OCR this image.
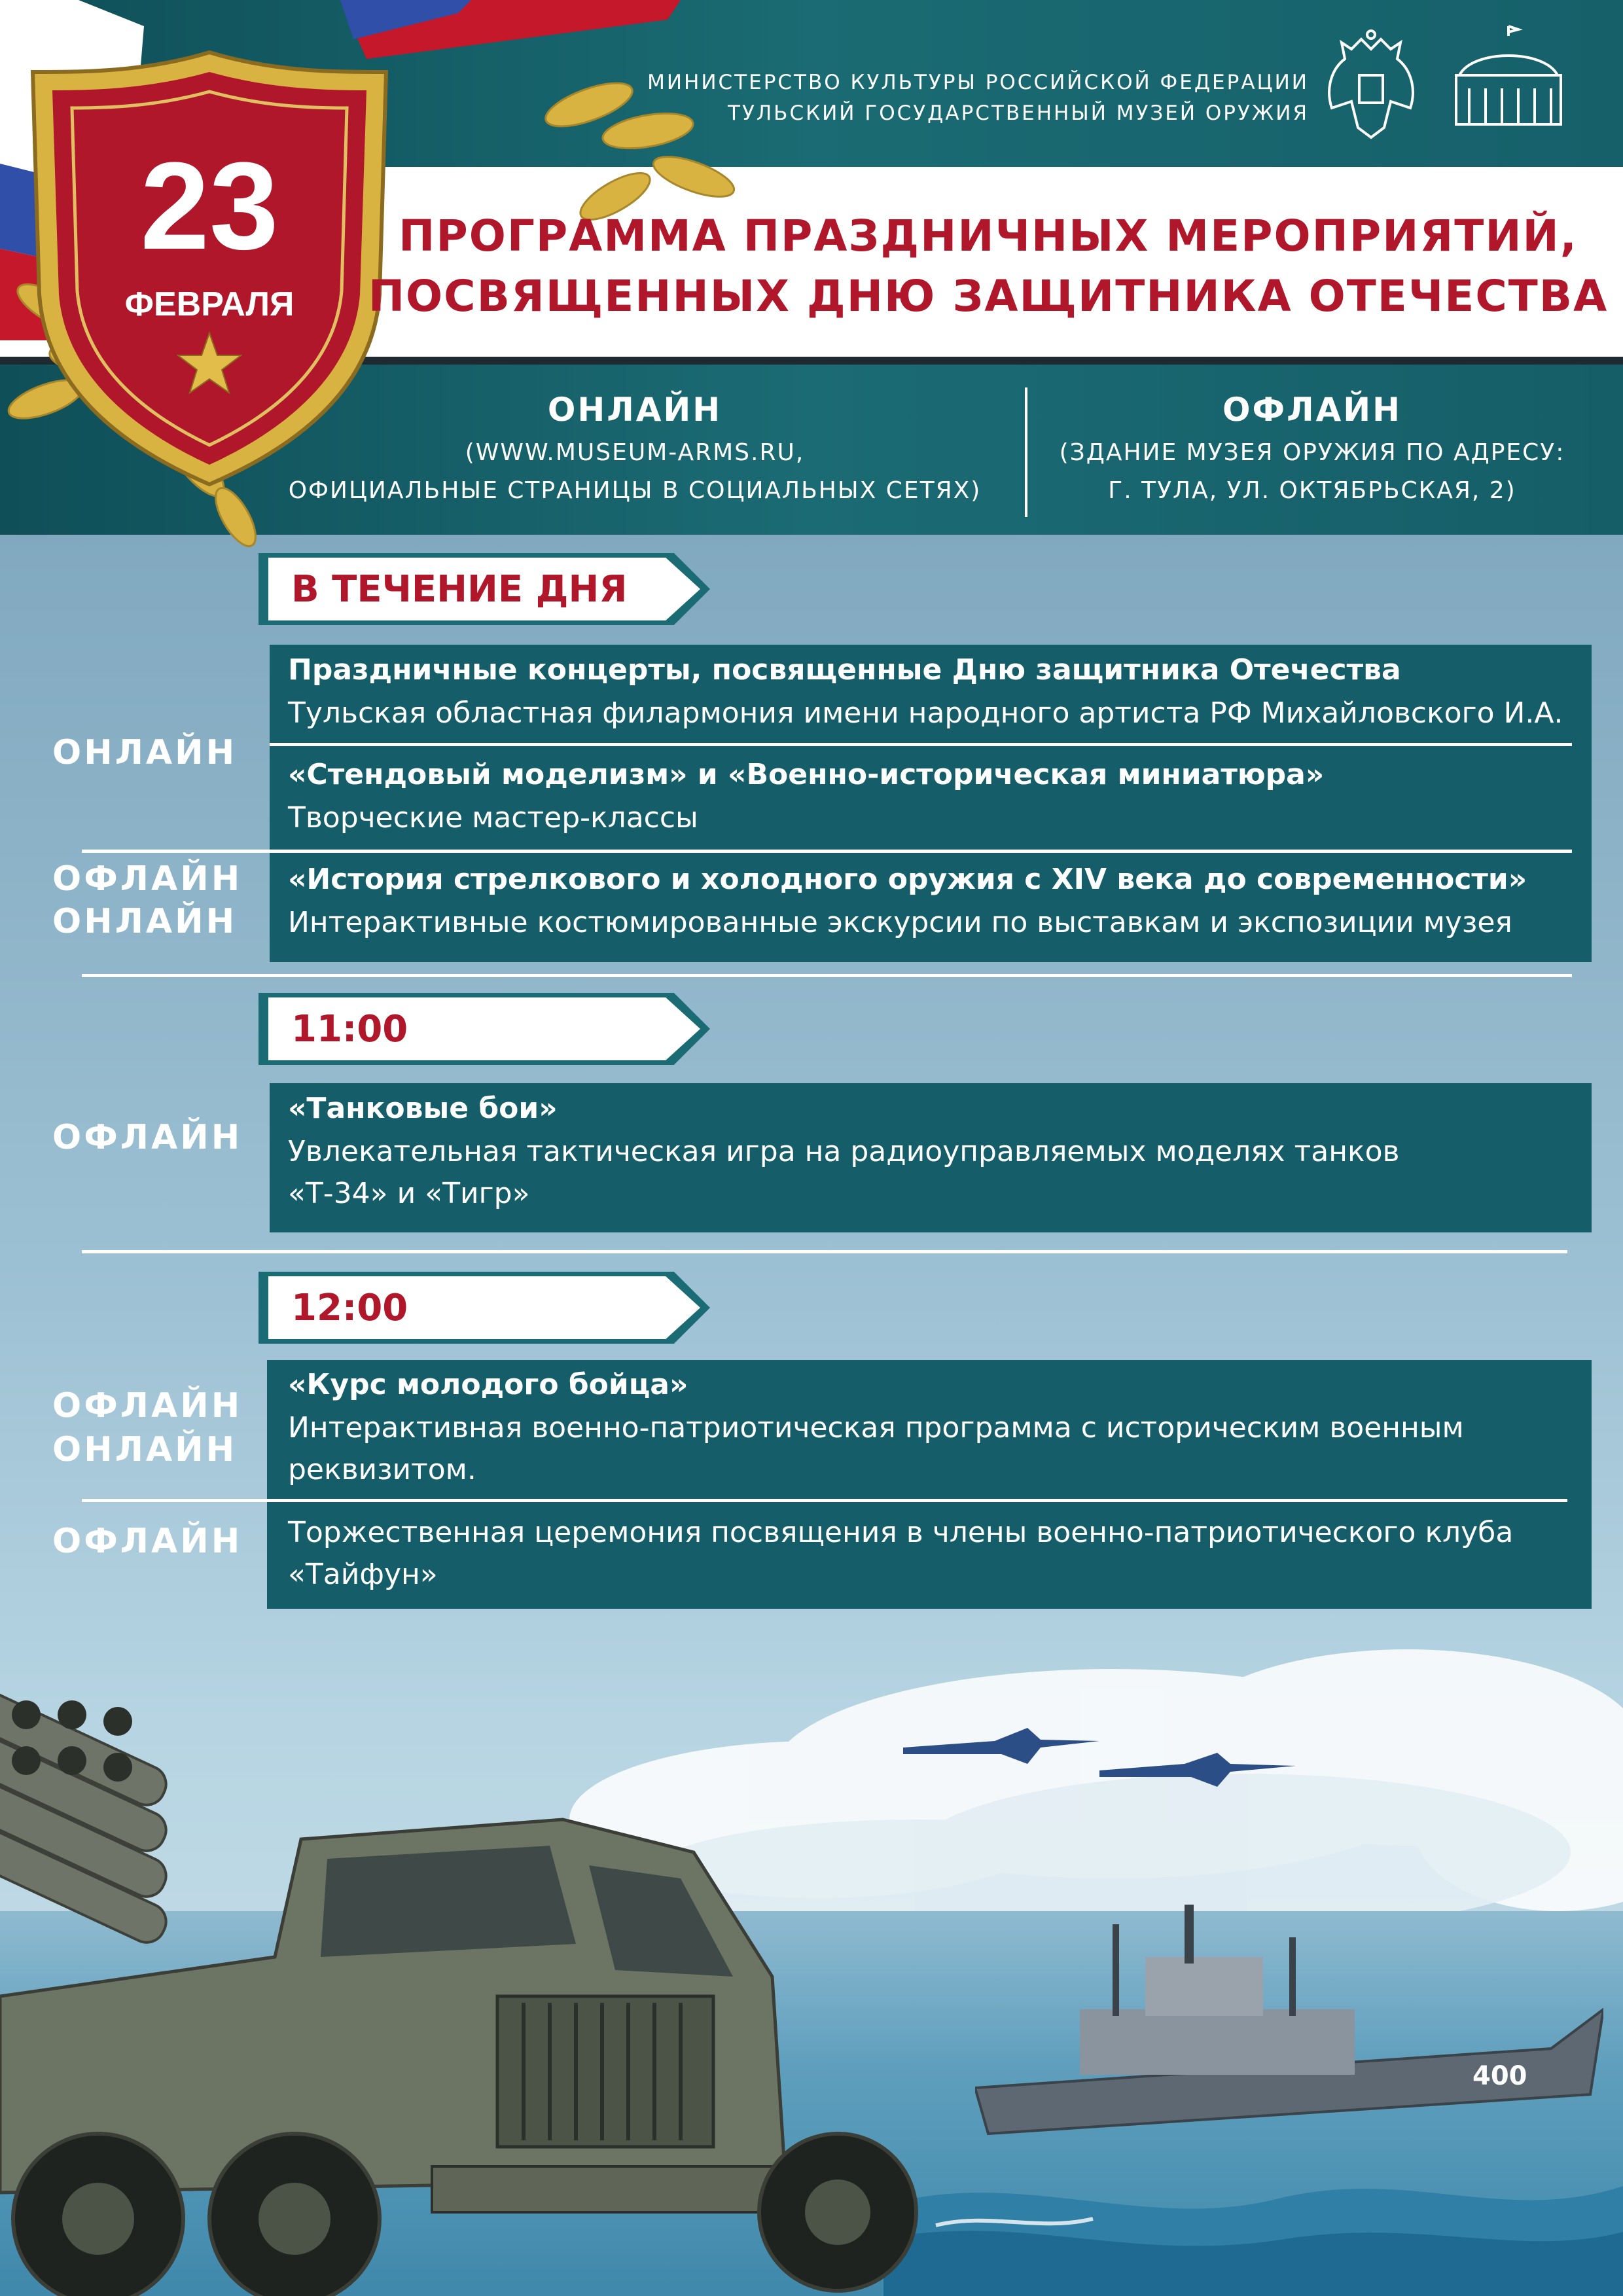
23
ФЕВРАЛЯ
МИНИСТЕРСТВО КУЛЬТУРЫ РОССИЙСКОЙ ФЕДЕРАЦИИ
ТУЛЬСКИЙ ГОСУДАРСТВЕННЫЙ МУЗЕЙ ОРУЖИЯ
ПРОГРАММА ПРАЗДНИЧНЫХ МЕРОПРИЯТИЙ,
ПОСВЯЩЕННЫХ ДНЮ ЗАЩИТНИКА ОТЕЧЕСТВА
ОНЛАЙН
(WWW.MUSEUM-ARMS.RU,
ОФИЦИАЛЬНЫЕ СТРАНИЦЫ В СОЦИАЛЬНЫХ СЕТЯХ)
ОФЛАЙН
(ЗДАНИЕ МУЗЕЯ ОРУЖИЯ ПО АДРЕСУ:
Г. ТУЛА, УЛ. ОКТЯБРЬСКАЯ, 2)
В ТЕЧЕНИЕ ДНЯ
Праздничные концерты, посвященные Дню защитника Отечества
Тульская областная филармония имени народного артиста РФ Михайловского И.А.
ОНЛАЙН
«Стендовый моделизм» и «Военно-историческая миниатюра»
Творческие мастер-классы
«История стрелкового и холодного оружия с XIV века до современности»
Интерактивные костюмированные экскурсии по выставкам и экспозиции музея
ОФЛАЙН
ОНЛАЙН
11:00
«Танковые бои»
Увлекательная тактическая игра на радиоуправляемых моделях танков
«Т-34» и «Тигр»
ОФЛАЙН
12:00
«Курс молодого бойца»
Интерактивная военно-патриотическая программа с историческим военным
реквизитом.
ОФЛАЙН
ОНЛАЙН
Торжественная церемония посвящения в члены военно-патриотического клуба
«Тайфун»
ОФЛАЙН
400
